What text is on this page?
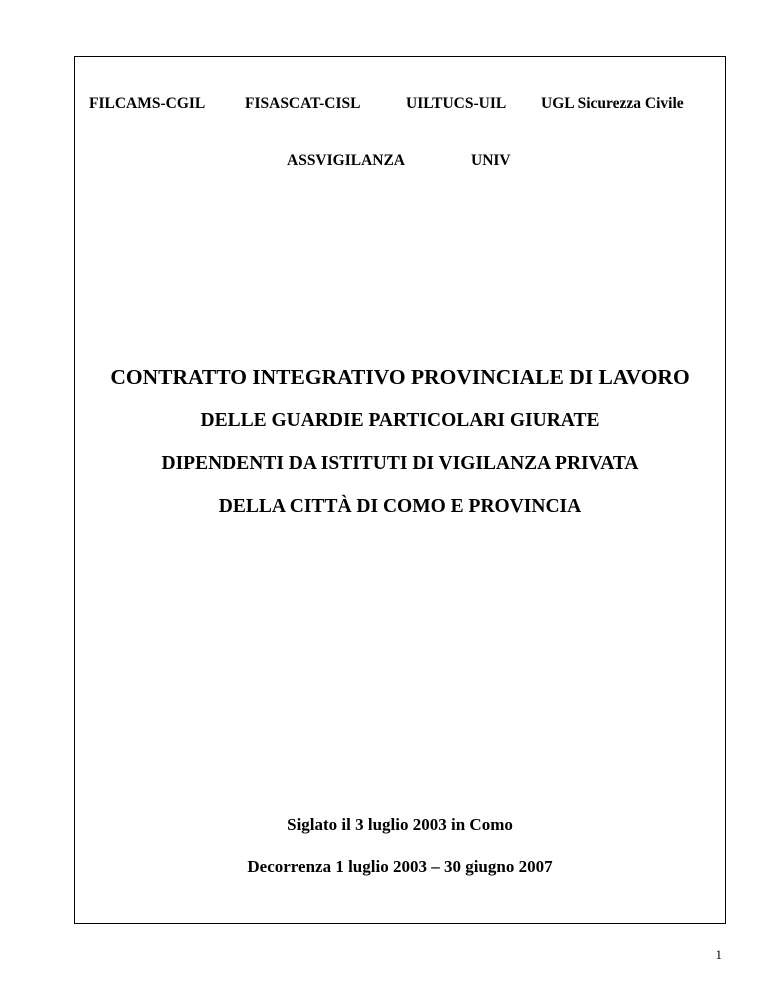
FILCAMS-CGIL	FISASCAT-CISL	UILTUCS-UIL UGL Sicurezza Civile
ASSVIGILANZA	UNIV
CONTRATTO INTEGRATIVO PROVINCIALE DI LAVORO
DELLE GUARDIE PARTICOLARI GIURATE
DIPENDENTI DA ISTITUTI DI VIGILANZA PRIVATA
DELLA CITTÀ DI COMO E PROVINCIA
Siglato il 3 luglio 2003 in Como
Decorrenza 1 luglio 2003 – 30 giugno 2007
1
